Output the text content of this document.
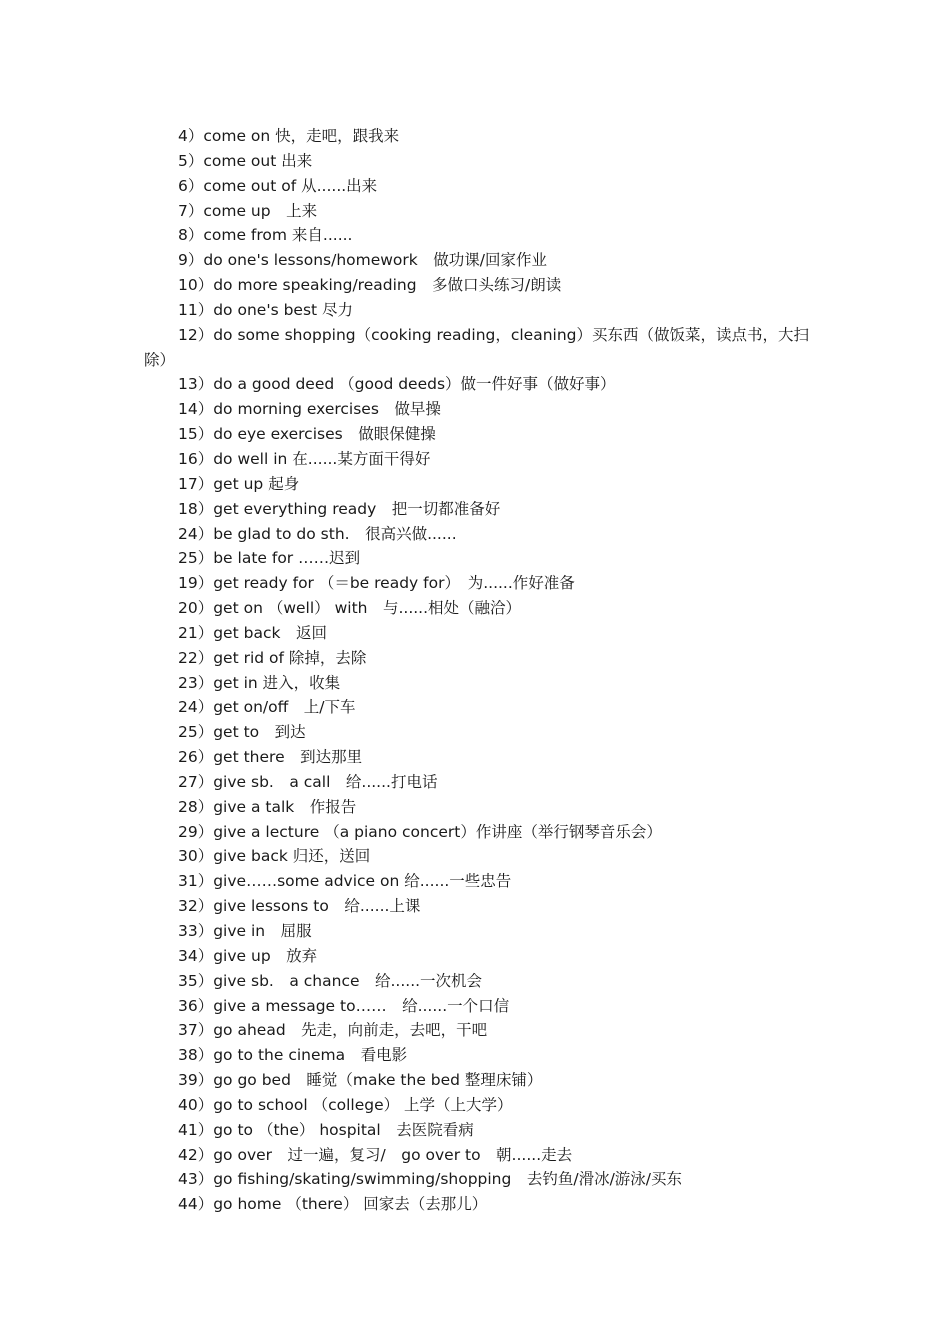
4）come on 快，走吧，跟我来
5）come out 出来
6）come out of 从......出来
7）come up　上来
8）come from 来自......
9）do one's lessons/homework　做功课/回家作业
10）do more speaking/reading　多做口头练习/朗读
11）do one's best 尽力
12）do some shopping（cooking reading，cleaning）买东西（做饭菜，读点书，大扫除）
13）do a good deed （good deeds）做一件好事（做好事）
14）do morning exercises　做早操
15）do eye exercises　做眼保健操
16）do well in 在......某方面干得好
17）get up 起身
18）get everything ready　把一切都准备好
24）be glad to do sth.　很高兴做......
25）be late for ……迟到
19）get ready for （＝be ready for）　为......作好准备
20）get on （well） with　与......相处（融洽）
21）get back　返回
22）get rid of 除掉，去除
23）get in 进入，收集
24）get on/off　上/下车
25）get to　到达
26）get there　到达那里
27）give sb.　a call　给......打电话
28）give a talk　作报告
29）give a lecture （a piano concert）作讲座（举行钢琴音乐会）
30）give back 归还，送回
31）give……some advice on 给......一些忠告
32）give lessons to　给......上课
33）give in　屈服
34）give up　放弃
35）give sb.　a chance　给......一次机会
36）give a message to……　给......一个口信
37）go ahead　先走，向前走，去吧，干吧
38）go to the cinema　看电影
39）go go bed　睡觉（make the bed 整理床铺）
40）go to school （college） 上学（上大学）
41）go to （the） hospital　去医院看病
42）go over　过一遍，复习/　go over to　朝......走去
43）go fishing/skating/swimming/shopping　去钓鱼/滑冰/游泳/买东
44）go home （there） 回家去（去那儿）
